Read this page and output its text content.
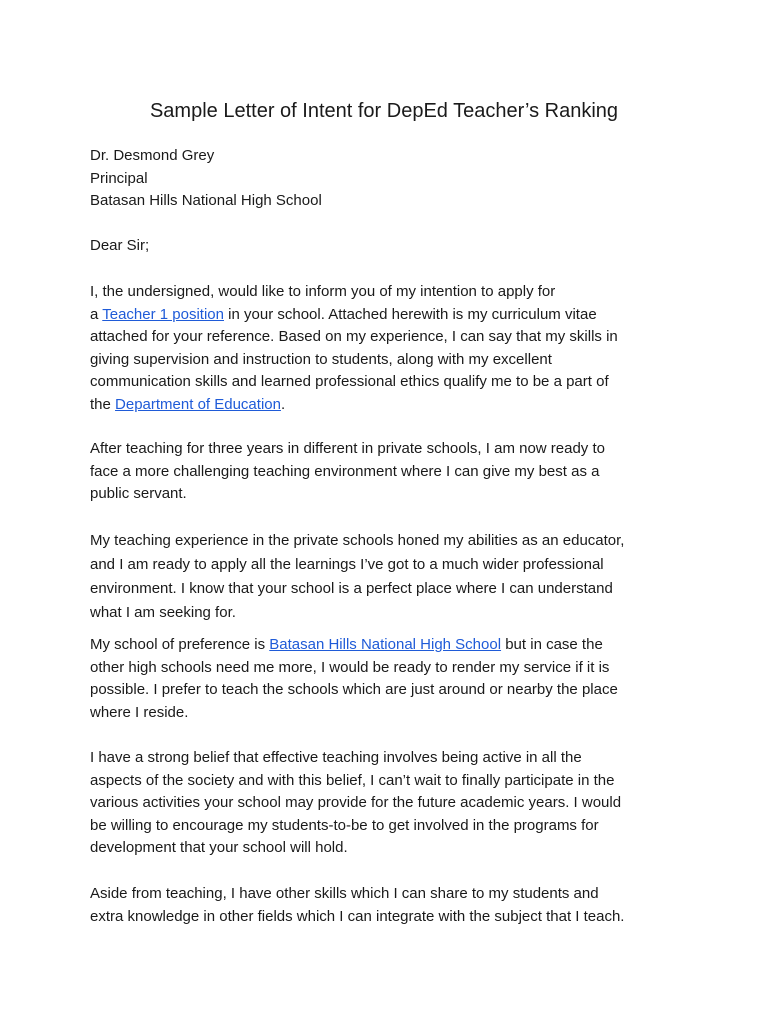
Sample Letter of Intent for DepEd Teacher’s Ranking
Dr. Desmond Grey
Principal
Batasan Hills National High School
Dear Sir;
I, the undersigned, would like to inform you of my intention to apply for
a Teacher 1 position in your school. Attached herewith is my curriculum vitae
attached for your reference. Based on my experience, I can say that my skills in
giving supervision and instruction to students, along with my excellent
communication skills and learned professional ethics qualify me to be a part of
the Department of Education.
After teaching for three years in different in private schools, I am now ready to
face a more challenging teaching environment where I can give my best as a
public servant.
My teaching experience in the private schools honed my abilities as an educator,
and I am ready to apply all the learnings I’ve got to a much wider professional
environment. I know that your school is a perfect place where I can understand
what I am seeking for.
My school of preference is Batasan Hills National High School but in case the
other high schools need me more, I would be ready to render my service if it is
possible. I prefer to teach the schools which are just around or nearby the place
where I reside.
I have a strong belief that effective teaching involves being active in all the
aspects of the society and with this belief, I can’t wait to finally participate in the
various activities your school may provide for the future academic years. I would
be willing to encourage my students-to-be to get involved in the programs for
development that your school will hold.
Aside from teaching, I have other skills which I can share to my students and
extra knowledge in other fields which I can integrate with the subject that I teach.
